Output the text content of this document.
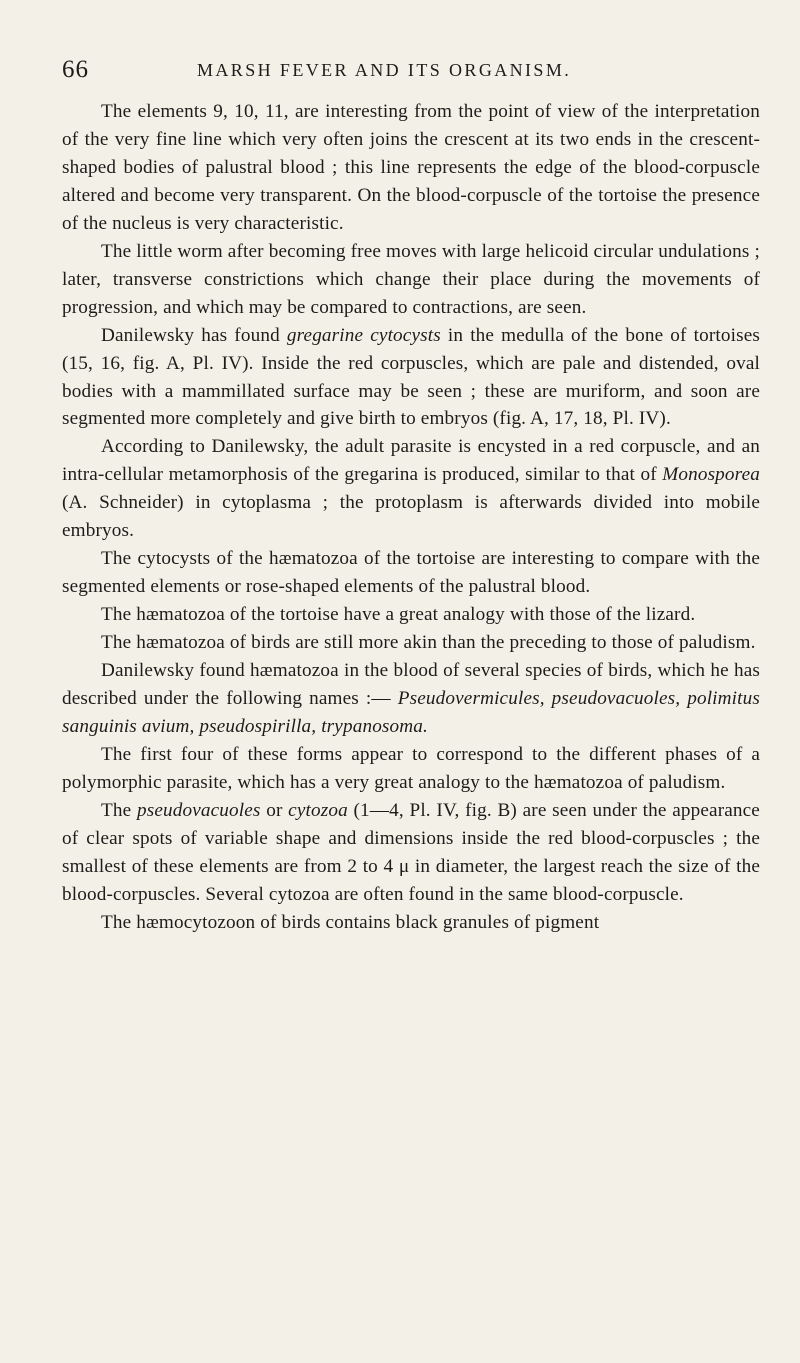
66	MARSH FEVER AND ITS ORGANISM.

The elements 9, 10, 11, are interesting from the point of view of the interpretation of the very fine line which very often joins the crescent at its two ends in the crescent-shaped bodies of palustral blood ; this line represents the edge of the blood-corpuscle altered and become very transparent. On the blood-corpuscle of the tortoise the presence of the nucleus is very characteristic.

The little worm after becoming free moves with large helicoid circular undulations ; later, transverse constrictions which change their place during the movements of progression, and which may be compared to contractions, are seen.

Danilewsky has found gregarine cytocysts in the medulla of the bone of tortoises (15, 16, fig. A, Pl. IV). Inside the red corpuscles, which are pale and distended, oval bodies with a mammillated surface may be seen ; these are muriform, and soon are segmented more completely and give birth to embryos (fig. A, 17, 18, Pl. IV).

According to Danilewsky, the adult parasite is encysted in a red corpuscle, and an intra-cellular metamorphosis of the gregarina is produced, similar to that of Monosporea (A. Schneider) in cytoplasma ; the protoplasm is afterwards divided into mobile embryos.

The cytocysts of the hæmatozoa of the tortoise are interesting to compare with the segmented elements or rose-shaped elements of the palustral blood.

The hæmatozoa of the tortoise have a great analogy with those of the lizard.

The hæmatozoa of birds are still more akin than the preceding to those of paludism.

Danilewsky found hæmatozoa in the blood of several species of birds, which he has described under the following names :— Pseudovermicules, pseudovacuoles, polimitus sanguinis avium, pseudospirilla, trypanosoma.

The first four of these forms appear to correspond to the different phases of a polymorphic parasite, which has a very great analogy to the hæmatozoa of paludism.

The pseudovacuoles or cytozoa (1—4, Pl. IV, fig. B) are seen under the appearance of clear spots of variable shape and dimensions inside the red blood-corpuscles ; the smallest of these elements are from 2 to 4 μ in diameter, the largest reach the size of the blood-corpuscles. Several cytozoa are often found in the same blood-corpuscle.

The hæmocytozoon of birds contains black granules of pigment
